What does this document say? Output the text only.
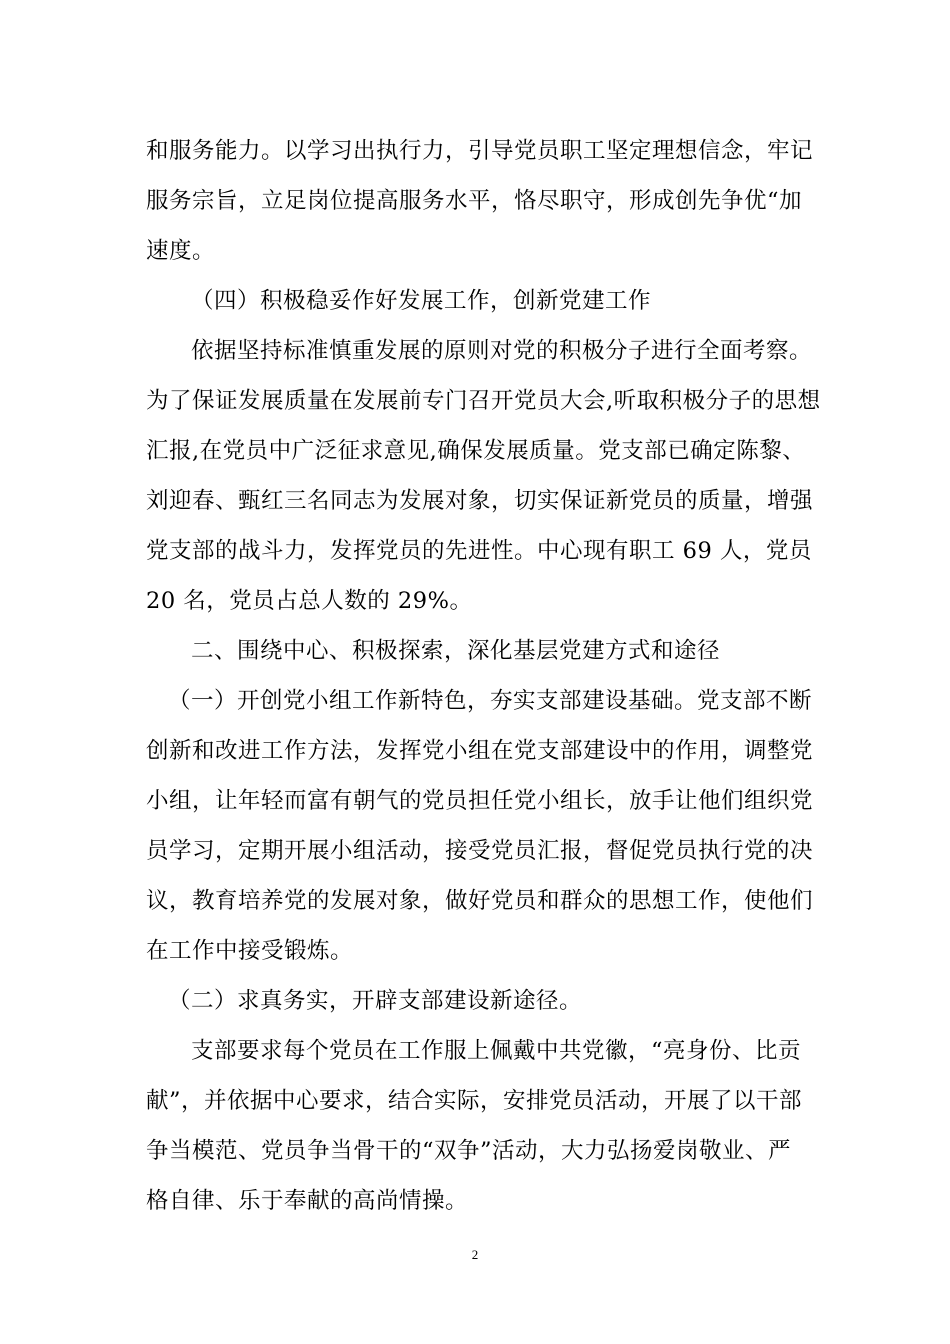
和服务能力。以学习出执行力，引导党员职工坚定理想信念，牢记
服务宗旨，立足岗位提高服务水平，恪尽职守，形成创先争优“加
速度。
（四）积极稳妥作好发展工作，创新党建工作
依据坚持标准慎重发展的原则对党的积极分子进行全面考察。
为了保证发展质量在发展前专门召开党员大会,听取积极分子的思想
汇报,在党员中广泛征求意见,确保发展质量。党支部已确定陈黎、
刘迎春、甄红三名同志为发展对象，切实保证新党员的质量，增强
党支部的战斗力，发挥党员的先进性。中心现有职工 69 人，党员
20 名，党员占总人数的 29%。
二、围绕中心、积极探索，深化基层党建方式和途径
（一）开创党小组工作新特色，夯实支部建设基础。党支部不断
创新和改进工作方法，发挥党小组在党支部建设中的作用，调整党
小组，让年轻而富有朝气的党员担任党小组长，放手让他们组织党
员学习，定期开展小组活动，接受党员汇报，督促党员执行党的决
议，教育培养党的发展对象，做好党员和群众的思想工作，使他们
在工作中接受锻炼。
（二）求真务实，开辟支部建设新途径。
支部要求每个党员在工作服上佩戴中共党徽，“亮身份、比贡
献”，并依据中心要求，结合实际，安排党员活动，开展了以干部
争当模范、党员争当骨干的“双争”活动，大力弘扬爱岗敬业、严
格自律、乐于奉献的高尚情操。
2
